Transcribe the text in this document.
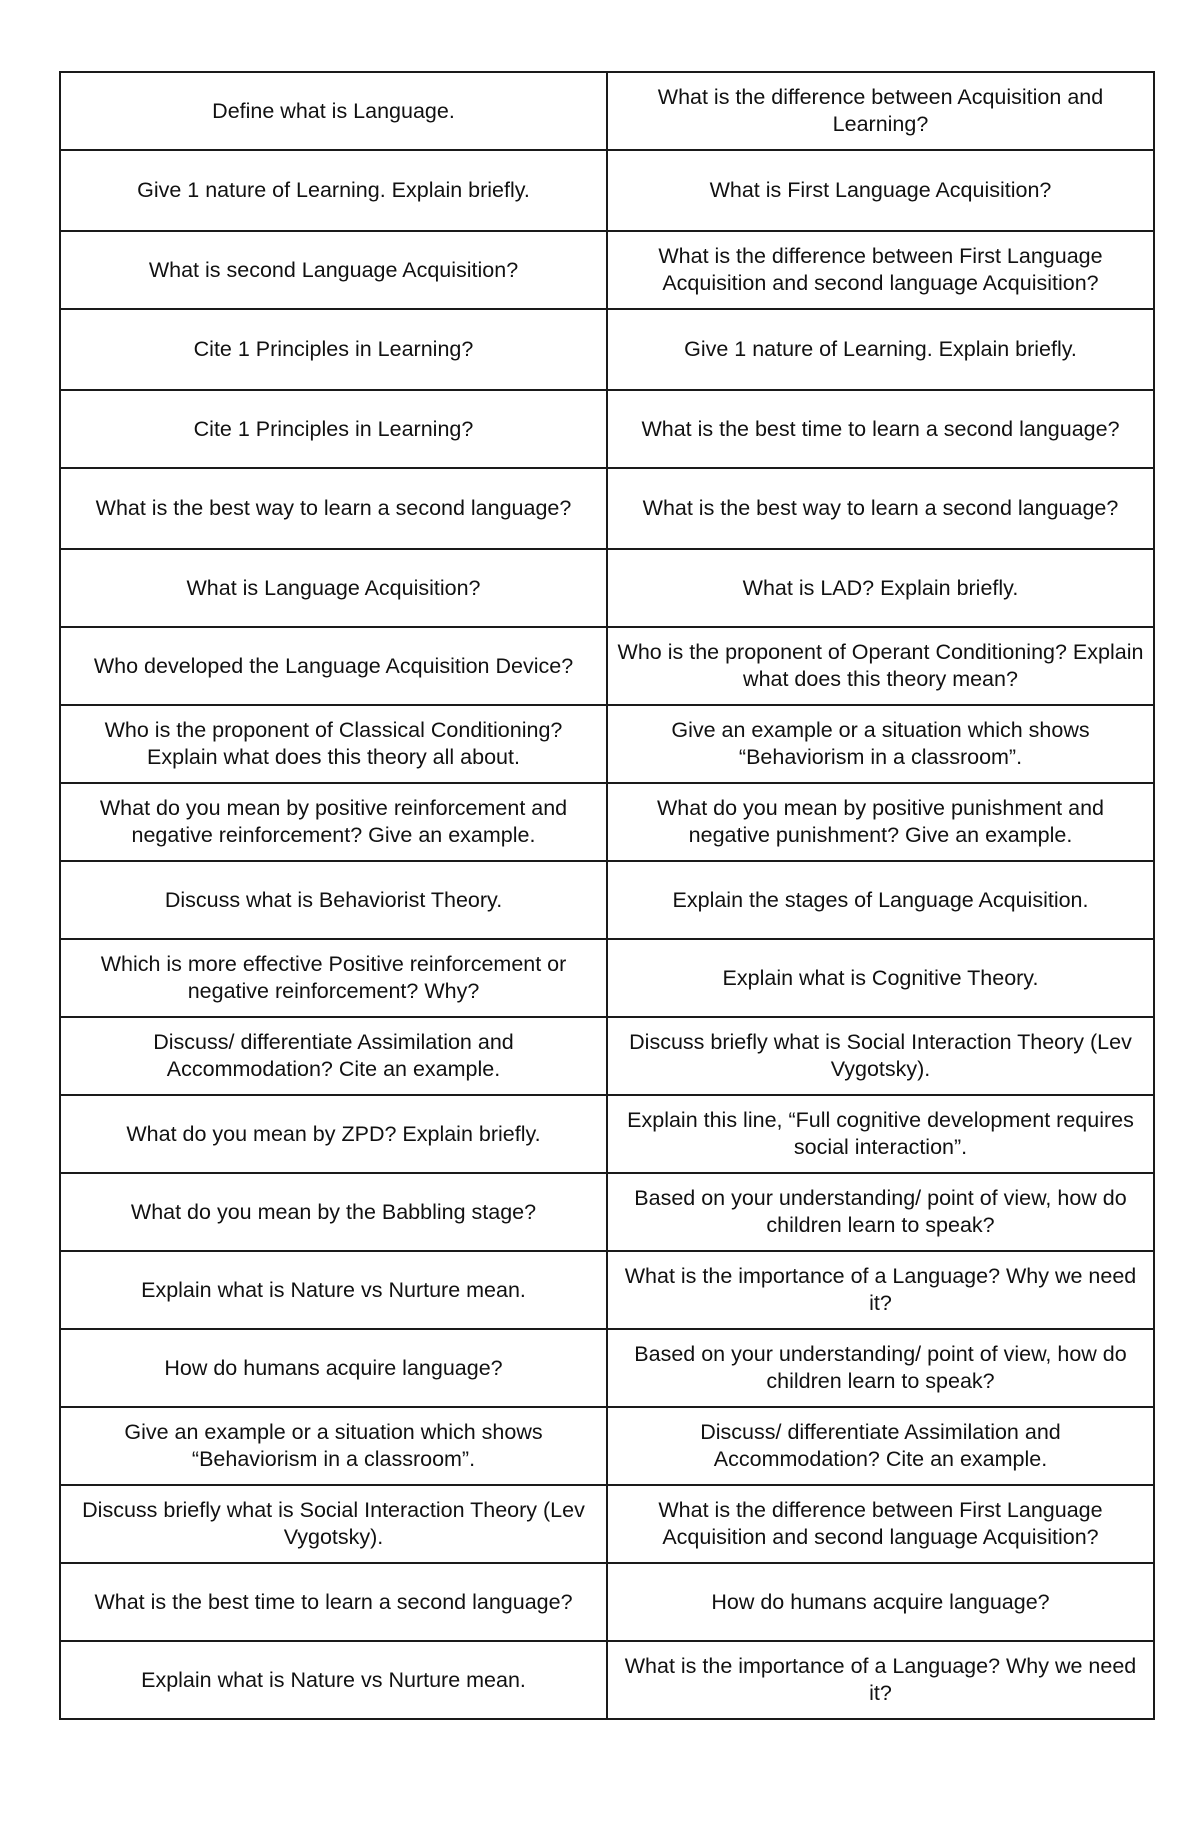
Define what is Language.	What is the difference between Acquisition and Learning?
Give 1 nature of Learning. Explain briefly.	What is First Language Acquisition?
What is second Language Acquisition?	What is the difference between First Language Acquisition and second language Acquisition?
Cite 1 Principles in Learning?	Give 1 nature of Learning. Explain briefly.
Cite 1 Principles in Learning?	What is the best time to learn a second language?
What is the best way to learn a second language?	What is the best way to learn a second language?
What is Language Acquisition?	What is LAD? Explain briefly.
Who developed the Language Acquisition Device?	Who is the proponent of Operant Conditioning? Explain what does this theory mean?
Who is the proponent of Classical Conditioning? Explain what does this theory all about.	Give an example or a situation which shows “Behaviorism in a classroom”.
What do you mean by positive reinforcement and negative reinforcement? Give an example.	What do you mean by positive punishment and negative punishment? Give an example.
Discuss what is Behaviorist Theory.	Explain the stages of Language Acquisition.
Which is more effective Positive reinforcement or negative reinforcement? Why?	Explain what is Cognitive Theory.
Discuss/ differentiate Assimilation and Accommodation? Cite an example.	Discuss briefly what is Social Interaction Theory (Lev Vygotsky).
What do you mean by ZPD? Explain briefly.	Explain this line, “Full cognitive development requires social interaction”.
What do you mean by the Babbling stage?	Based on your understanding/ point of view, how do children learn to speak?
Explain what is Nature vs Nurture mean.	What is the importance of a Language? Why we need it?
How do humans acquire language?	Based on your understanding/ point of view, how do children learn to speak?
Give an example or a situation which shows “Behaviorism in a classroom”.	Discuss/ differentiate Assimilation and Accommodation? Cite an example.
Discuss briefly what is Social Interaction Theory (Lev Vygotsky).	What is the difference between First Language Acquisition and second language Acquisition?
What is the best time to learn a second language?	How do humans acquire language?
Explain what is Nature vs Nurture mean.	What is the importance of a Language? Why we need it?
